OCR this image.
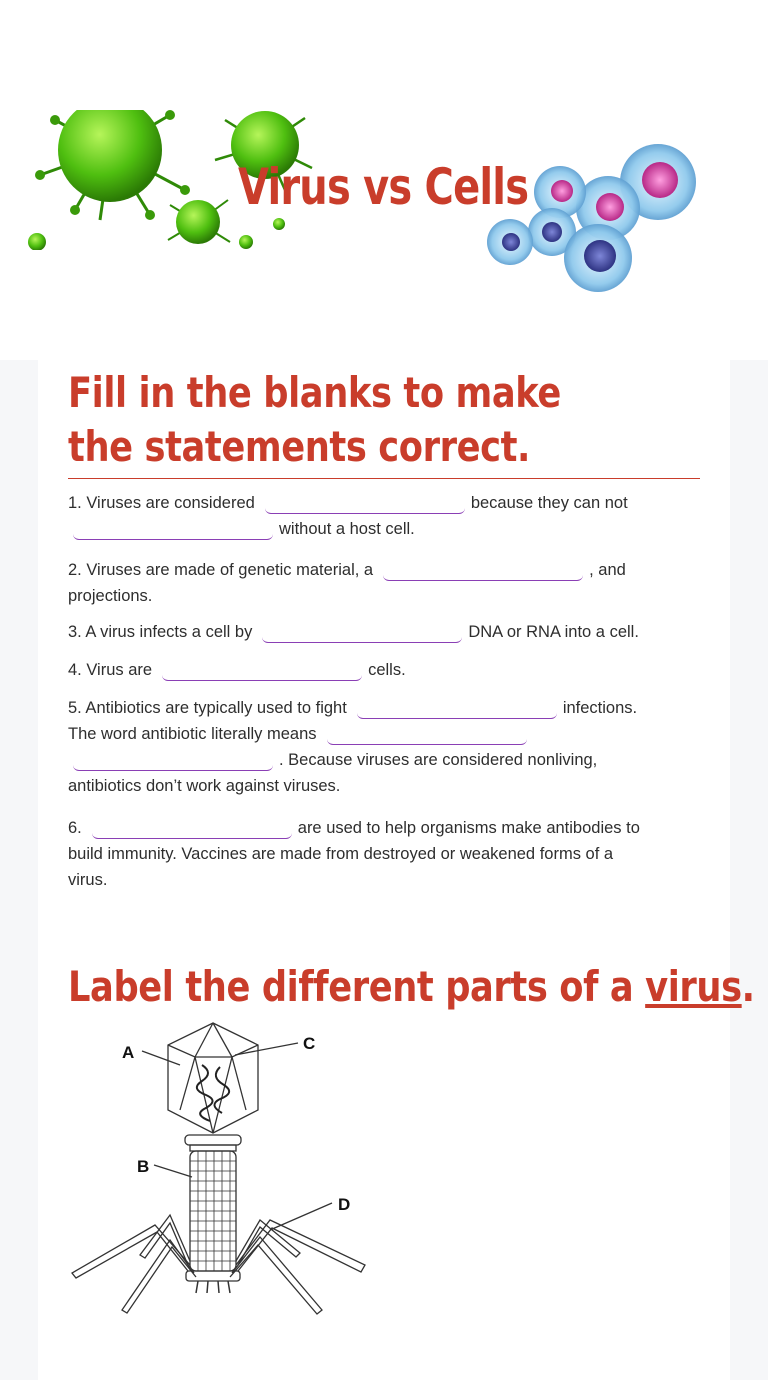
Virus vs Cells
Fill in the blanks to make the statements correct.
1. Viruses are considered	because they can not
without a host cell.
2. Viruses are made of genetic material, a	, and
projections.
3. A virus infects a cell by	DNA or RNA into a cell.
4. Virus are	cells.
5. Antibiotics are typically used to fight	infections.
The word antibiotic literally means
. Because viruses are considered nonliving,
antibiotics don’t work against viruses.
6.	are used to help organisms make antibodies to
build immunity. Vaccines are made from destroyed or weakened forms of a
virus.
Label the different parts of a virus.
A	C
B
D
